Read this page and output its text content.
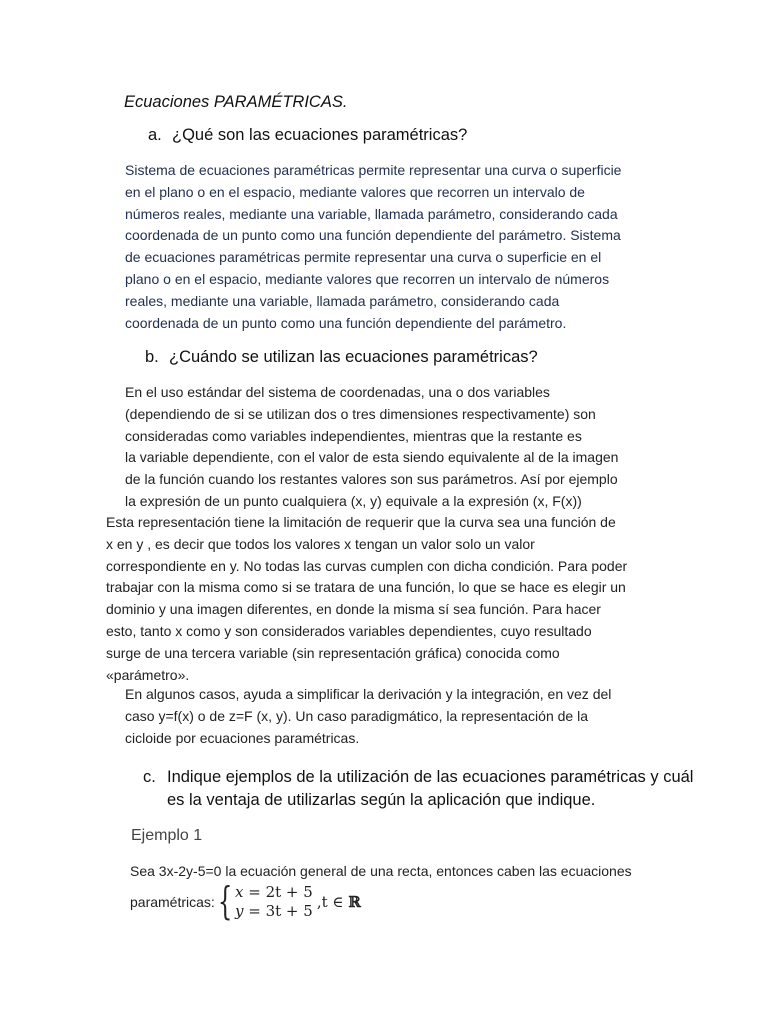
Ecuaciones PARAMÉTRICAS.
a. ¿Qué son las ecuaciones paramétricas?

Sistema de ecuaciones paramétricas permite representar una curva o superficie
en el plano o en el espacio, mediante valores que recorren un intervalo de
números reales, mediante una variable, llamada parámetro, considerando cada
coordenada de un punto como una función dependiente del parámetro. Sistema
de ecuaciones paramétricas permite representar una curva o superficie en el
plano o en el espacio, mediante valores que recorren un intervalo de números
reales, mediante una variable, llamada parámetro, considerando cada
coordenada de un punto como una función dependiente del parámetro.

b. ¿Cuándo se utilizan las ecuaciones paramétricas?

En el uso estándar del sistema de coordenadas, una o dos variables
(dependiendo de si se utilizan dos o tres dimensiones respectivamente) son
consideradas como variables independientes, mientras que la restante es
la variable dependiente, con el valor de esta siendo equivalente al de la imagen
de la función cuando los restantes valores son sus parámetros. Así por ejemplo
la expresión de un punto cualquiera (x, y) equivale a la expresión (x, F(x))

Esta representación tiene la limitación de requerir que la curva sea una función de
x en y , es decir que todos los valores x tengan un valor solo un valor
correspondiente en y. No todas las curvas cumplen con dicha condición. Para poder
trabajar con la misma como si se tratara de una función, lo que se hace es elegir un
dominio y una imagen diferentes, en donde la misma sí sea función. Para hacer
esto, tanto x como y son considerados variables dependientes, cuyo resultado
surge de una tercera variable (sin representación gráfica) conocida como
«parámetro».

En algunos casos, ayuda a simplificar la derivación y la integración, en vez del
caso y=f(x) o de z=F (x, y). Un caso paradigmático, la representación de la
cicloide por ecuaciones paramétricas.

c. Indique ejemplos de la utilización de las ecuaciones paramétricas y cuál
es la ventaja de utilizarlas según la aplicación que indique.
Ejemplo 1

Sea 3x-2y-5=0 la ecuación general de una recta, entonces caben las ecuaciones

paramétricas: { x = 2t + 5
y = 3t + 5 ,t ∈ ℝ
